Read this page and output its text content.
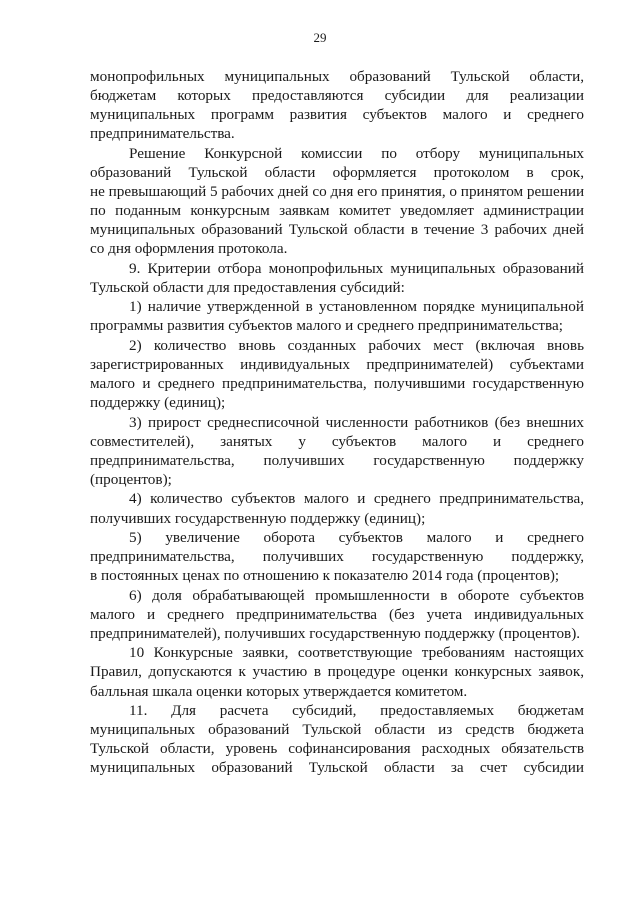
29
монопрофильных муниципальных образований Тульской области,
бюджетам которых предоставляются субсидии для реализации
муниципальных программ развития субъектов малого и среднего
предпринимательства.
Решение Конкурсной комиссии по отбору муниципальных
образований Тульской области оформляется протоколом в срок,
не превышающий 5 рабочих дней со дня его принятия, о принятом решении
по поданным конкурсным заявкам комитет уведомляет администрации
муниципальных образований Тульской области в течение 3 рабочих дней
со дня оформления протокола.
9. Критерии отбора монопрофильных муниципальных образований
Тульской области для предоставления субсидий:
1) наличие утвержденной в установленном порядке муниципальной
программы развития субъектов малого и среднего предпринимательства;
2) количество вновь созданных рабочих мест (включая вновь
зарегистрированных индивидуальных предпринимателей) субъектами
малого и среднего предпринимательства, получившими государственную
поддержку (единиц);
3) прирост среднесписочной численности работников (без внешних
совместителей), занятых у субъектов малого и среднего
предпринимательства, получивших государственную поддержку
(процентов);
4) количество субъектов малого и среднего предпринимательства,
получивших государственную поддержку (единиц);
5) увеличение оборота субъектов малого и среднего
предпринимательства, получивших государственную поддержку,
в постоянных ценах по отношению к показателю 2014 года (процентов);
6) доля обрабатывающей промышленности в обороте субъектов
малого и среднего предпринимательства (без учета индивидуальных
предпринимателей), получивших государственную поддержку (процентов).
10 Конкурсные заявки, соответствующие требованиям настоящих
Правил, допускаются к участию в процедуре оценки конкурсных заявок,
балльная шкала оценки которых утверждается комитетом.
11. Для расчета субсидий, предоставляемых бюджетам
муниципальных образований Тульской области из средств бюджета
Тульской области, уровень софинансирования расходных обязательств
муниципальных образований Тульской области за счет субсидии
